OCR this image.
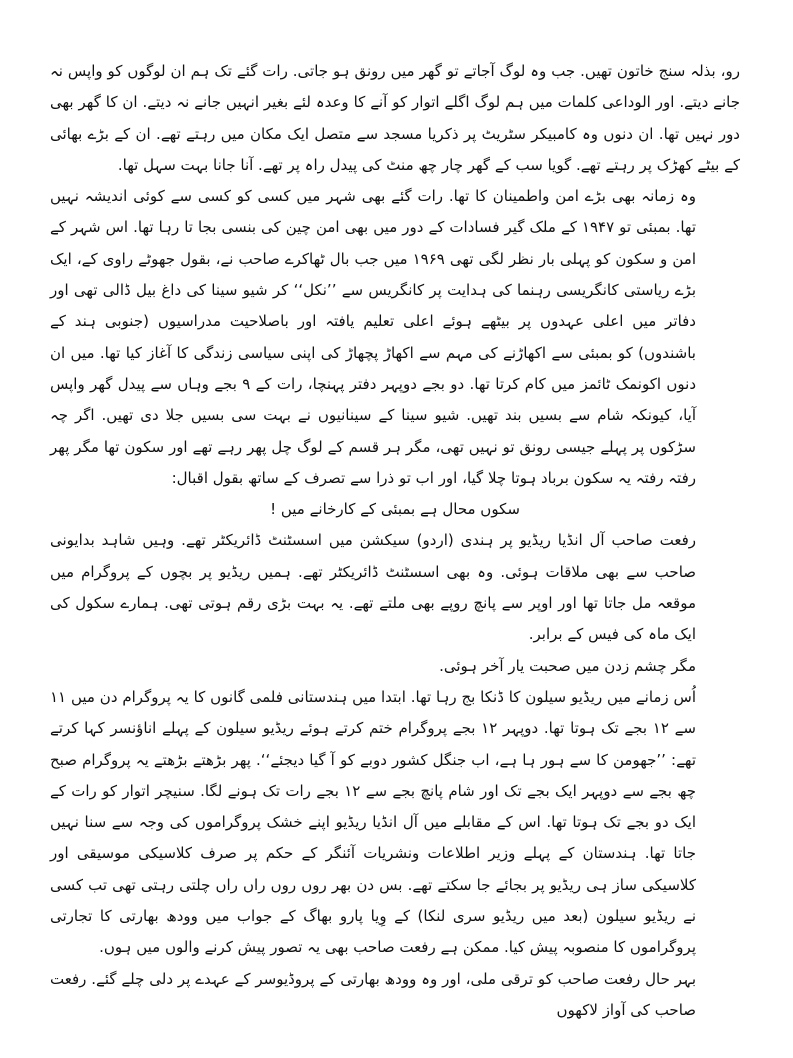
رو، بذلہ سنج خاتون تھیں. جب وہ لوگ آجاتے تو گھر میں رونق ہو جاتی. رات گئے تک ہم ان لوگوں کو واپس نہ جانے دیتے. اور الوداعی کلمات میں ہم لوگ اگلے اتوار کو آنے کا وعدہ لئے بغیر انہیں جانے نہ دیتے. ان کا گھر بھی دور نہیں تھا. ان دنوں وہ کامبیکر سٹریٹ پر ذکریا مسجد سے متصل ایک مکان میں رہتے تھے. ان کے بڑے بھائی کے بیٹے کھڑک پر رہتے تھے. گویا سب کے گھر چار چھ منٹ کی پیدل راہ پر تھے. آنا جانا بہت سہل تھا.

وہ زمانہ بھی بڑے امن واطمینان کا تھا. رات گئے بھی شہر میں کسی کو کسی سے کوئی اندیشہ نہیں تھا. بمبئی تو ۱۹۴۷ کے ملک گیر فسادات کے دور میں بھی امن چین کی بنسی بجا تا رہا تھا. اس شہر کے امن و سکون کو پہلی بار نظر لگی تھی ۱۹۶۹ میں جب بال ٹھاکرے صاحب نے، بقول جھوٹے راوی کے، ایک بڑے ریاستی کانگریسی رہنما کی ہدایت پر کانگریس سے ’’نکل‘‘ کر شیو سینا کی داغ بیل ڈالی تھی اور دفاتر میں اعلی عہدوں پر بیٹھے ہوئے اعلی تعلیم یافتہ اور باصلاحیت مدراسیوں (جنوبی ہند کے باشندوں) کو بمبئی سے اکھاڑنے کی مہم سے اکھاڑ پچھاڑ کی اپنی سیاسی زندگی کا آغاز کیا تھا. میں ان دنوں اکونمک ٹائمز میں کام کرتا تھا. دو بجے دوپہر دفتر پہنچا، رات کے ۹ بجے وہاں سے پیدل گھر واپس آیا، کیونکہ شام سے بسیں بند تھیں. شیو سینا کے سینانیوں نے بہت سی بسیں جلا دی تھیں. اگر چہ سڑکوں پر پہلے جیسی رونق تو نہیں تھی، مگر ہر قسم کے لوگ چل پھر رہے تھے اور سکون تھا مگر پھر رفتہ رفتہ یہ سکون برباد ہوتا چلا گیا، اور اب تو ذرا سے تصرف کے ساتھ بقول اقبال:

سکوں محال ہے بمبئی کے کارخانے میں !

رفعت صاحب آل انڈیا ریڈیو پر ہندی (اردو) سیکشن میں اسسٹنٹ ڈائریکٹر تھے. وہیں شاہد بدایونی صاحب سے بھی ملاقات ہوئی. وہ بھی اسسٹنٹ ڈائریکٹر تھے. ہمیں ریڈیو پر بچوں کے پروگرام میں موقعہ مل جاتا تھا اور اوپر سے پانچ روپے بھی ملتے تھے. یہ بہت بڑی رقم ہوتی تھی. ہمارے سکول کی ایک ماہ کی فیس کے برابر.

مگر چشم زدن میں صحبت یار آخر ہوئی.

اُس زمانے میں ریڈیو سیلون کا ڈنکا بج رہا تھا. ابتدا میں ہندستانی فلمی گانوں کا یہ پروگرام دن میں ۱۱ سے ۱۲ بجے تک ہوتا تھا. دوپہر ۱۲ بجے پروگرام ختم کرتے ہوئے ریڈیو سیلون کے پہلے اناؤنسر کہا کرتے تھے: ’’جھومن کا سے ہور ہا ہے، اب جنگل کشور دوبے کو آ گیا دیجئے‘‘. پھر بڑھتے بڑھتے یہ پروگرام صبح چھ بجے سے دوپہر ایک بجے تک اور شام پانچ بجے سے ۱۲ بجے رات تک ہونے لگا. سنیچر اتوار کو رات کے ایک دو بجے تک ہوتا تھا. اس کے مقابلے میں آل انڈیا ریڈیو اپنے خشک پروگراموں کی وجہ سے سنا نہیں جاتا تھا. ہندستان کے پہلے وزیر اطلاعات ونشریات آئنگر کے حکم پر صرف کلاسیکی موسیقی اور کلاسیکی ساز ہی ریڈیو پر بجائے جا سکتے تھے. بس دن بھر روں روں راں راں چلتی رہتی تھی تب کسی نے ریڈیو سیلون (بعد میں ریڈیو سری لنکا) کے وِیا پارو بھاگ کے جواب میں وودھ بھارتی کا تجارتی پروگراموں کا منصوبہ پیش کیا. ممکن ہے رفعت صاحب بھی یہ تصور پیش کرنے والوں میں ہوں.

بہر حال رفعت صاحب کو ترقی ملی، اور وہ وودھ بھارتی کے پروڈیوسر کے عہدے پر دلی چلے گئے. رفعت صاحب کی آواز لاکھوں
